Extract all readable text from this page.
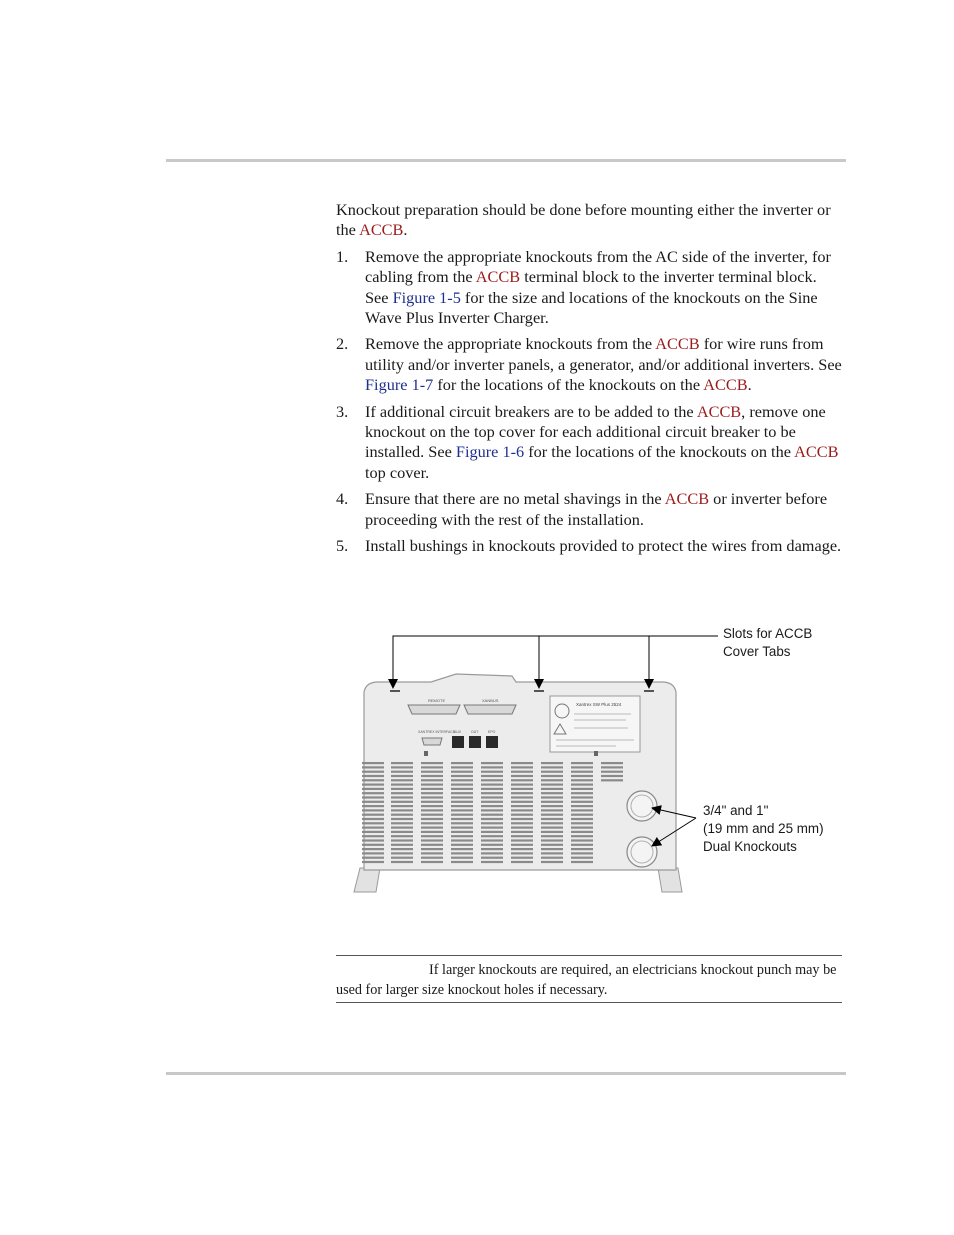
Knockout preparation should be done before mounting either the inverter or the ACCB.

1. Remove the appropriate knockouts from the AC side of the inverter, for cabling from the ACCB terminal block to the inverter terminal block. See Figure 1-5 for the size and locations of the knockouts on the Sine Wave Plus Inverter Charger.
2. Remove the appropriate knockouts from the ACCB for wire runs from utility and/or inverter panels, a generator, and/or additional inverters. See Figure 1-7 for the locations of the knockouts on the ACCB.
3. If additional circuit breakers are to be added to the ACCB, remove one knockout on the top cover for each additional circuit breaker to be installed. See Figure 1-6 for the locations of the knockouts on the ACCB top cover.
4. Ensure that there are no metal shavings in the ACCB or inverter before proceeding with the rest of the installation.
5. Install bushings in knockouts provided to protect the wires from damage.
REMOTE	XANBUS
XANTREX INTERFACE
AUX	OUT	EPO
Xantrex SW Plus 2524
Slots for ACCB
Cover Tabs
3/4" and 1"
(19 mm and 25 mm)
Dual Knockouts
If larger knockouts are required, an electricians knockout punch may be used for larger size knockout holes if necessary.
